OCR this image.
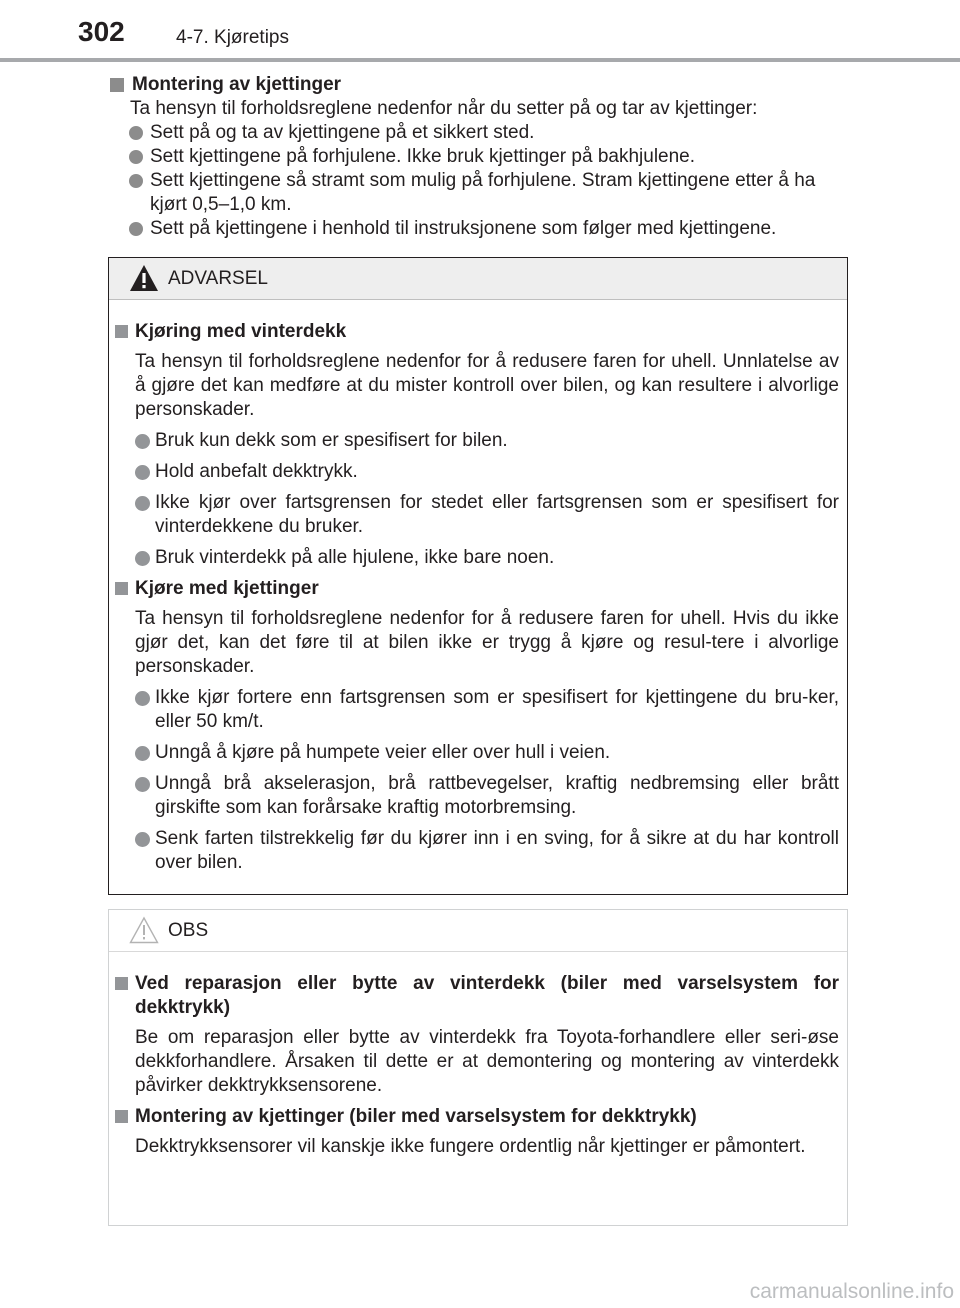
302	4-7. Kjøretips
Montering av kjettinger
Ta hensyn til forholdsreglene nedenfor når du setter på og tar av kjettinger:
Sett på og ta av kjettingene på et sikkert sted.
Sett kjettingene på forhjulene. Ikke bruk kjettinger på bakhjulene.
Sett kjettingene så stramt som mulig på forhjulene. Stram kjettingene etter å ha kjørt 0,5–1,0 km.
Sett på kjettingene i henhold til instruksjonene som følger med kjettingene.
ADVARSEL
Kjøring med vinterdekk
Ta hensyn til forholdsreglene nedenfor for å redusere faren for uhell. Unnlatelse av å gjøre det kan medføre at du mister kontroll over bilen, og kan resultere i alvorlige personskader.
Bruk kun dekk som er spesifisert for bilen.
Hold anbefalt dekktrykk.
Ikke kjør over fartsgrensen for stedet eller fartsgrensen som er spesifisert for vinterdekkene du bruker.
Bruk vinterdekk på alle hjulene, ikke bare noen.
Kjøre med kjettinger
Ta hensyn til forholdsreglene nedenfor for å redusere faren for uhell. Hvis du ikke gjør det, kan det føre til at bilen ikke er trygg å kjøre og resul-tere i alvorlige personskader.
Ikke kjør fortere enn fartsgrensen som er spesifisert for kjettingene du bru-ker, eller 50 km/t.
Unngå å kjøre på humpete veier eller over hull i veien.
Unngå brå akselerasjon, brå rattbevegelser, kraftig nedbremsing eller brått girskifte som kan forårsake kraftig motorbremsing.
Senk farten tilstrekkelig før du kjører inn i en sving, for å sikre at du har kontroll over bilen.
OBS
Ved reparasjon eller bytte av vinterdekk (biler med varselsystem for dekktrykk)
Be om reparasjon eller bytte av vinterdekk fra Toyota-forhandlere eller seri-øse dekkforhandlere. Årsaken til dette er at demontering og montering av vinterdekk påvirker dekktrykksensorene.
Montering av kjettinger (biler med varselsystem for dekktrykk)
Dekktrykksensorer vil kanskje ikke fungere ordentlig når kjettinger er påmontert.
carmanualsonline.info
